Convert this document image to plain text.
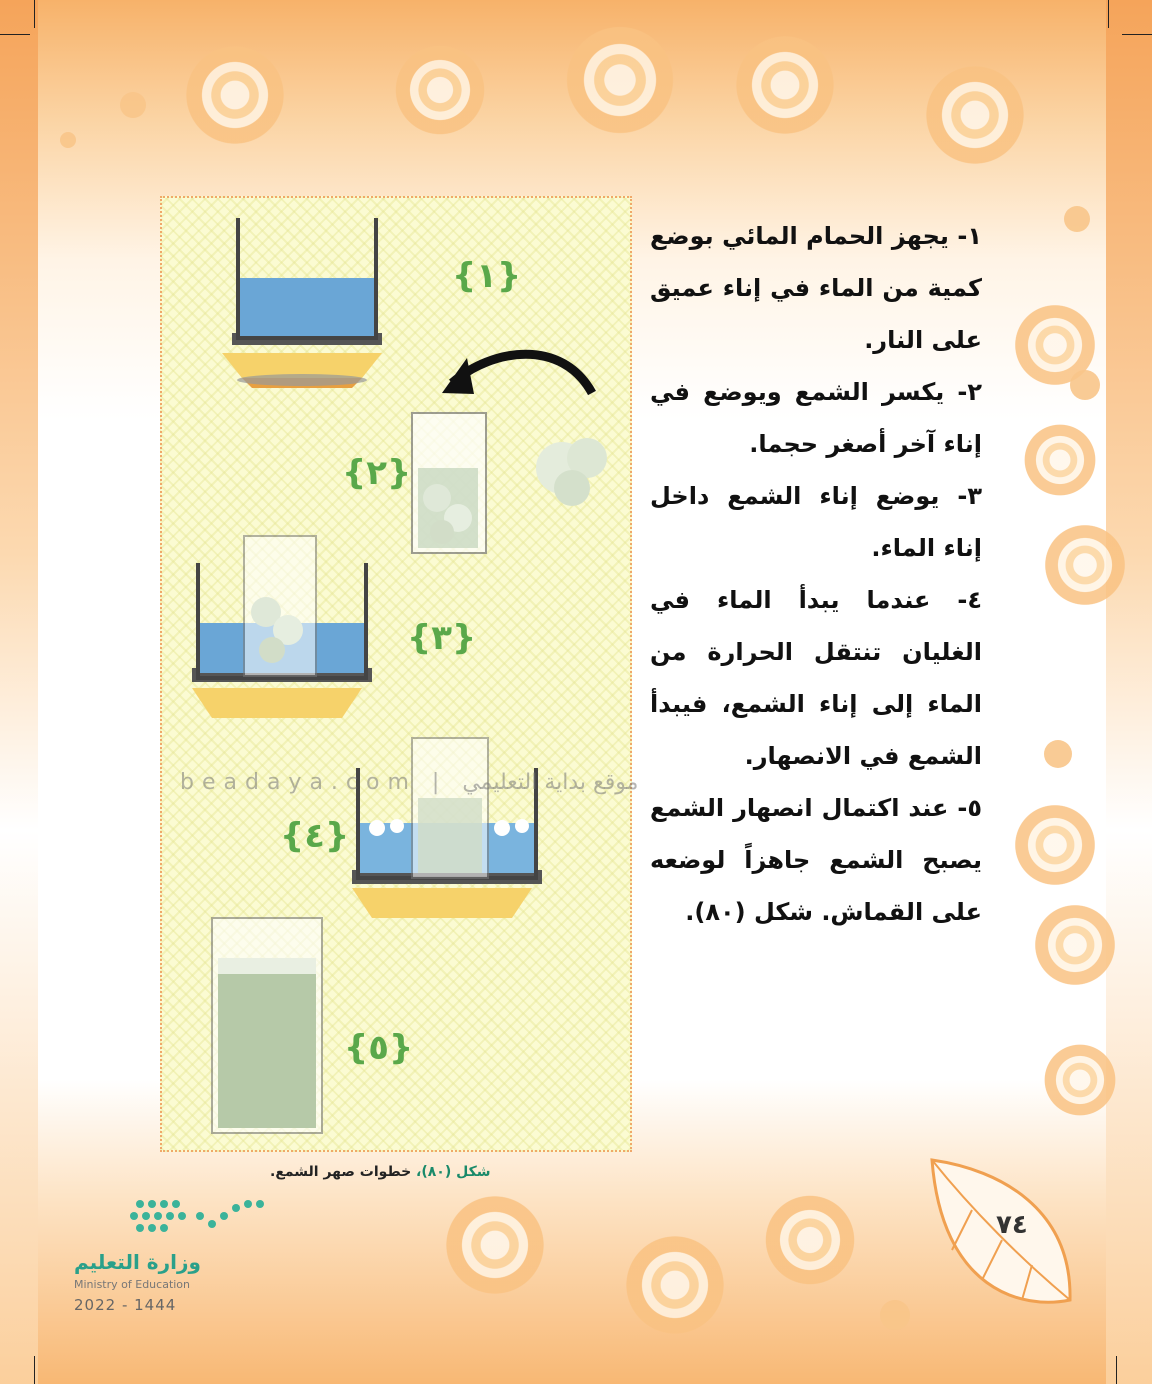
{١}
{٢}
{٣}
{٤}
{٥}
beadaya.com | موقع بداية التعليمي

١- يجهز الحمام المائي بوضع كمية من الماء في إناء عميق على النار.

٢- يكسر الشمع ويوضع في إناء آخر أصغر حجما.

٣- يوضع إناء الشمع داخل إناء الماء.

٤- عندما يبدأ الماء في الغليان تنتقل الحرارة من الماء إلى إناء الشمع، فيبدأ الشمع في الانصهار.

٥- عند اكتمال انصهار الشمع يصبح الشمع جاهزاً لوضعه على القماش. شكل (٨٠).

شكل (٨٠)، خطوات صهر الشمع.
وزارة التعليم
Ministry of Education
2022 - 1444
٧٤
